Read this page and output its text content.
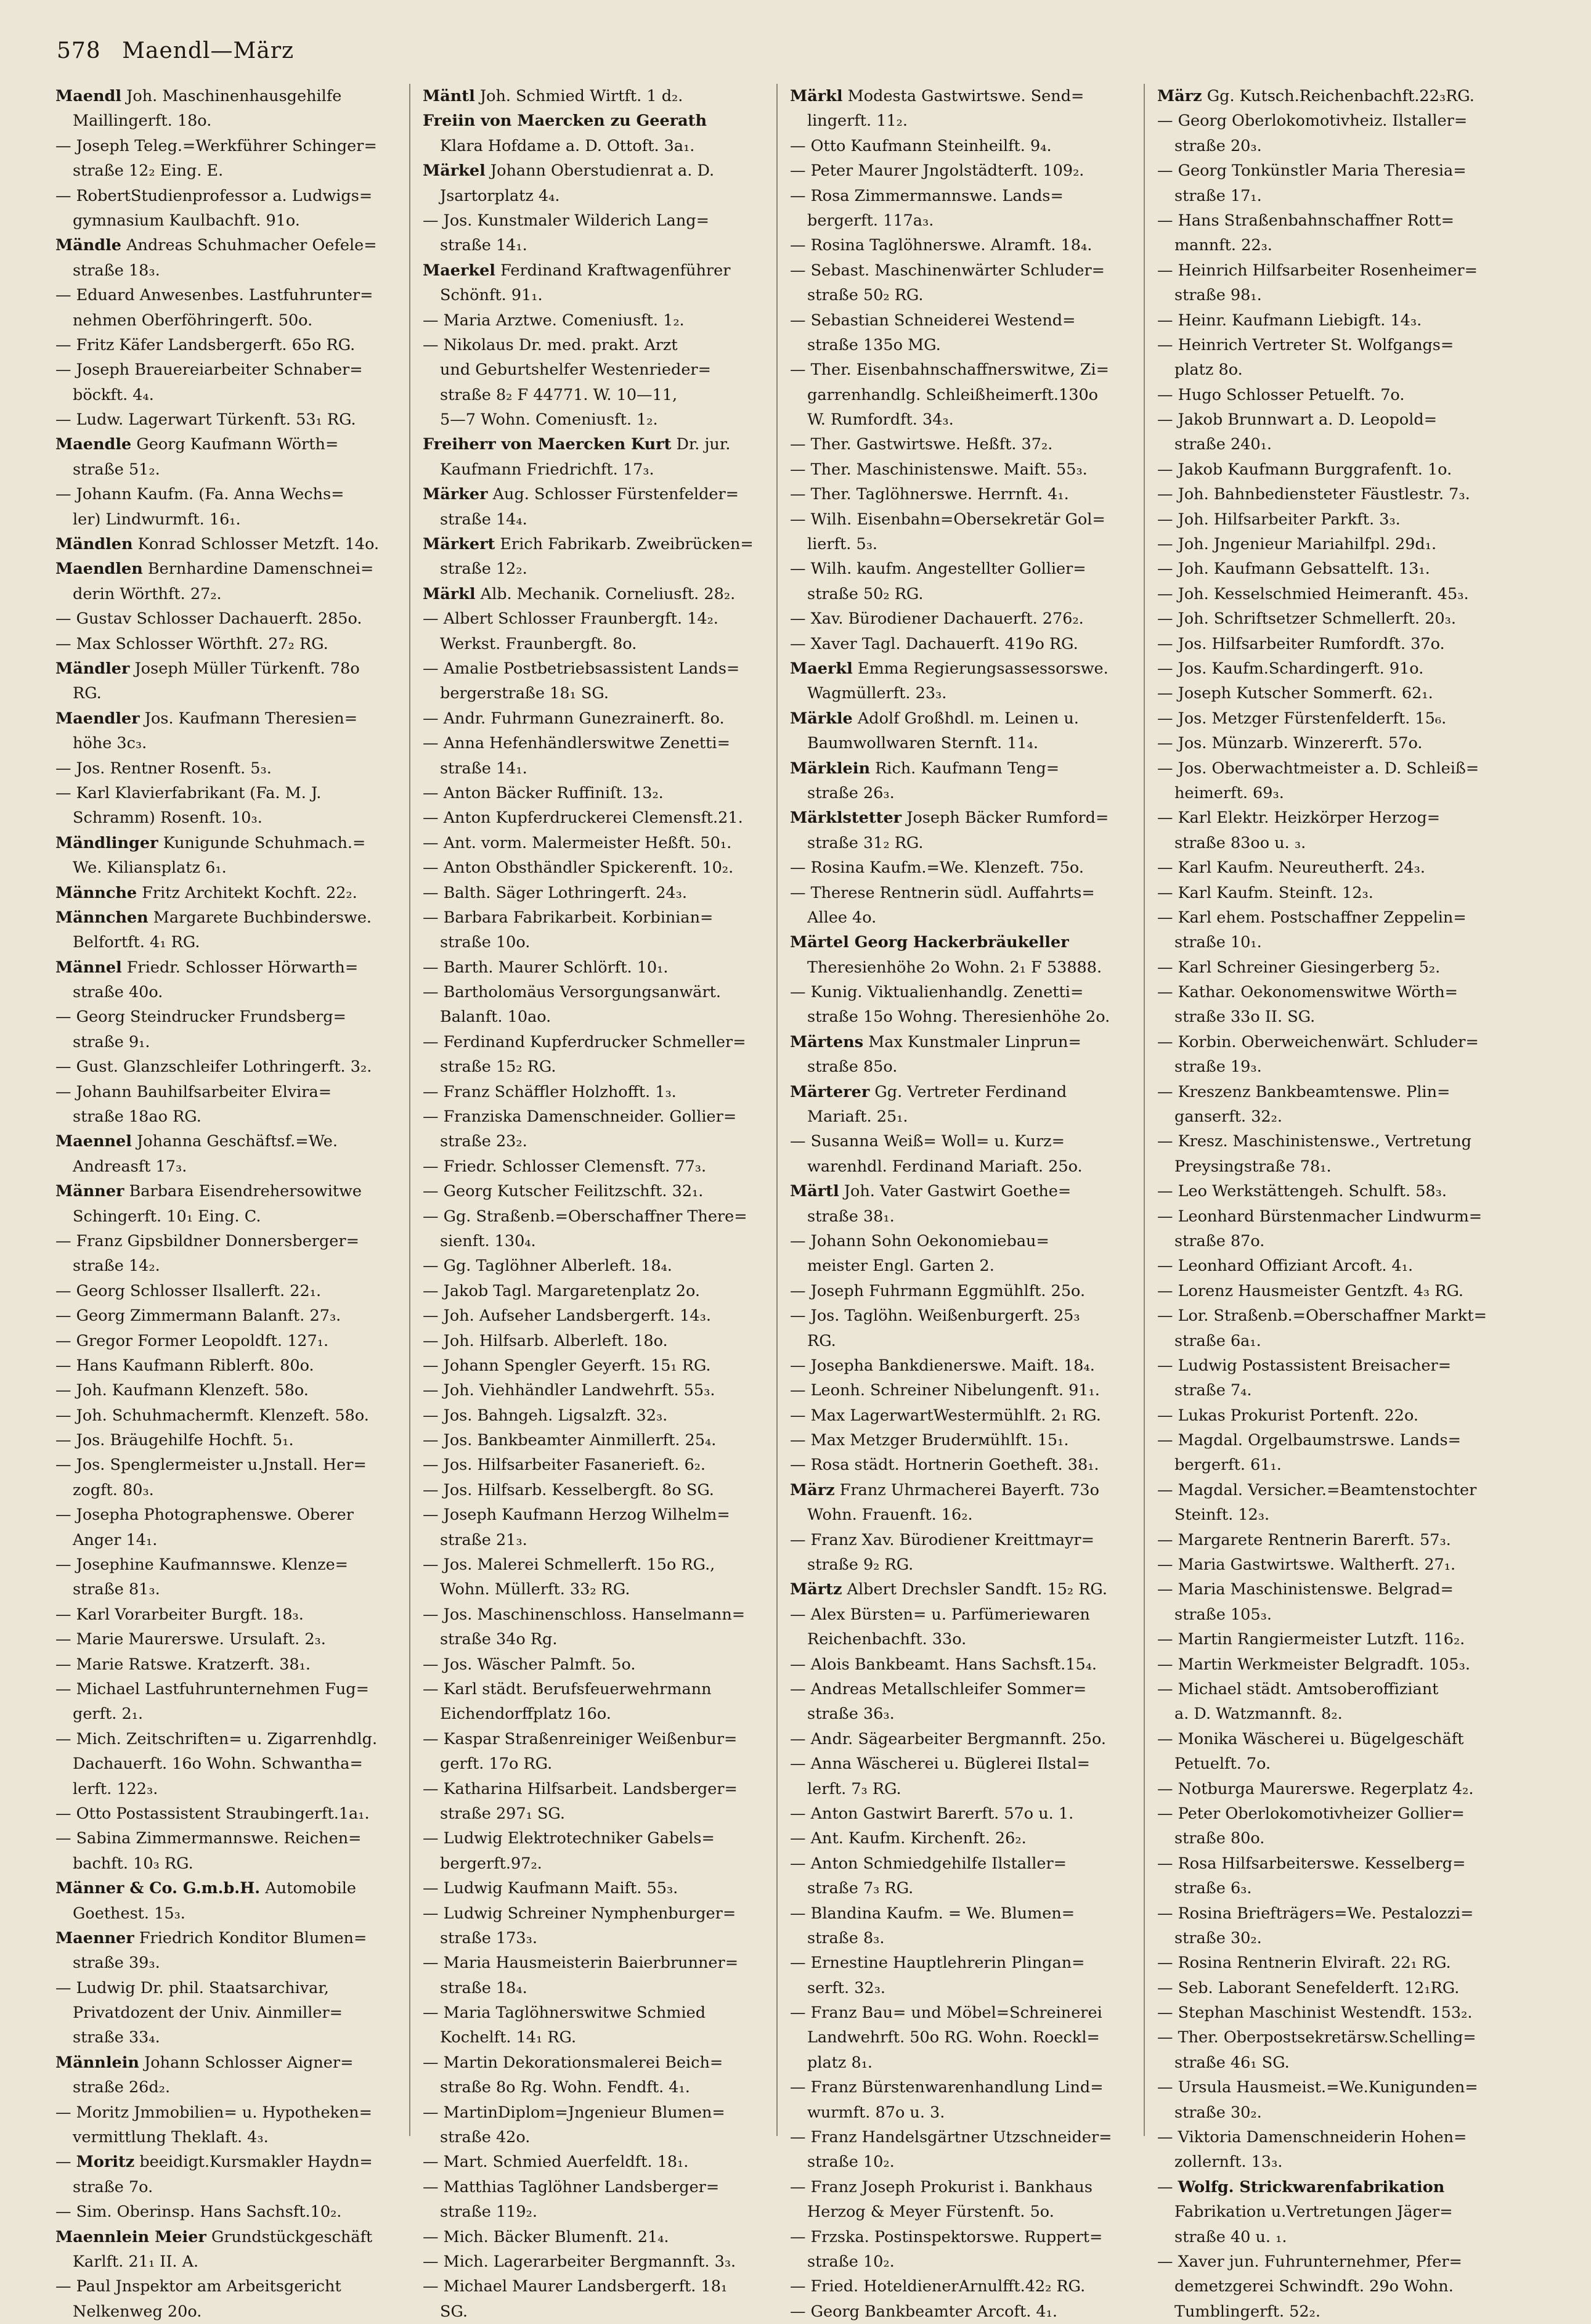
578 Maendl—März
Maendl Joh. Maschinenhausgehilfe
Maillingerft. 18o.
— Joseph Teleg.=Werkführer Schinger=
straße 12₂ Eing. E.
— RobertStudienprofessor a. Ludwigs=
gymnasium Kaulbachft. 91o.
Mändle Andreas Schuhmacher Oefele=
straße 18₃.
— Eduard Anwesenbes. Lastfuhrunter=
nehmen Oberföhringerft. 50o.
— Fritz Käfer Landsbergerft. 65o RG.
— Joseph Brauereiarbeiter Schnaber=
böckft. 4₄.
— Ludw. Lagerwart Türkenft. 53₁ RG.
Maendle Georg Kaufmann Wörth=
straße 51₂.
— Johann Kaufm. (Fa. Anna Wechs=
ler) Lindwurmft. 16₁.
Mändlen Konrad Schlosser Metzft. 14o.
Maendlen Bernhardine Damenschnei=
derin Wörthft. 27₂.
— Gustav Schlosser Dachauerft. 285o.
— Max Schlosser Wörthft. 27₂ RG.
Mändler Joseph Müller Türkenft. 78o
RG.
Maendler Jos. Kaufmann Theresien=
höhe 3c₃.
— Jos. Rentner Rosenft. 5₃.
— Karl Klavierfabrikant (Fa. M. J.
Schramm) Rosenft. 10₃.
Mändlinger Kunigunde Schuhmach.=
We. Kiliansplatz 6₁.
Männche Fritz Architekt Kochft. 22₂.
Männchen Margarete Buchbinderswe.
Belfortft. 4₁ RG.
Männel Friedr. Schlosser Hörwarth=
straße 40o.
— Georg Steindrucker Frundsberg=
straße 9₁.
— Gust. Glanzschleifer Lothringerft. 3₂.
— Johann Bauhilfsarbeiter Elvira=
straße 18ao RG.
Maennel Johanna Geschäftsf.=We.
Andreasft 17₃.
Männer Barbara Eisendrehersowitwe
Schingerft. 10₁ Eing. C.
— Franz Gipsbildner Donnersberger=
straße 14₂.
— Georg Schlosser Ilsallerft. 22₁.
— Georg Zimmermann Balanft. 27₃.
— Gregor Former Leopoldft. 127₁.
— Hans Kaufmann Riblerft. 80o.
— Joh. Kaufmann Klenzeft. 58o.
— Joh. Schuhmachermft. Klenzeft. 58o.
— Jos. Bräugehilfe Hochft. 5₁.
— Jos. Spenglermeister u.Jnstall. Her=
zogft. 80₃.
— Josepha Photographenswe. Oberer
Anger 14₁.
— Josephine Kaufmannswe. Klenze=
straße 81₃.
— Karl Vorarbeiter Burgft. 18₃.
— Marie Maurerswe. Ursulaft. 2₃.
— Marie Ratswe. Kratzerft. 38₁.
— Michael Lastfuhrunternehmen Fug=
gerft. 2₁.
— Mich. Zeitschriften= u. Zigarrenhdlg.
Dachauerft. 16o Wohn. Schwantha=
lerft. 122₃.
— Otto Postassistent Straubingerft.1a₁.
— Sabina Zimmermannswe. Reichen=
bachft. 10₃ RG.
Männer & Co. G.m.b.H. Automobile
Goethest. 15₃.
Maenner Friedrich Konditor Blumen=
straße 39₃.
— Ludwig Dr. phil. Staatsarchivar,
Privatdozent der Univ. Ainmiller=
straße 33₄.
Männlein Johann Schlosser Aigner=
straße 26d₂.
— Moritz Jmmobilien= u. Hypotheken=
vermittlung Theklaft. 4₃.
— Moritz beeidigt.Kursmakler Haydn=
straße 7o.
— Sim. Oberinsp. Hans Sachsft.10₂.
Maennlein Meier Grundstückgeschäft
Karlft. 21₁ II. A.
— Paul Jnspektor am Arbeitsgericht
Nelkenweg 20o.
Mäntl Joh. Schmied Wirtft. 1 d₂.
Freiin von Maercken zu Geerath
Klara Hofdame a. D. Ottoft. 3a₁.
Märkel Johann Oberstudienrat a. D.
Jsartorplatz 4₄.
— Jos. Kunstmaler Wilderich Lang=
straße 14₁.
Maerkel Ferdinand Kraftwagenführer
Schönft. 91₁.
— Maria Arztwe. Comeniusft. 1₂.
— Nikolaus Dr. med. prakt. Arzt
und Geburtshelfer Westenrieder=
straße 8₂ F 44771. W. 10—11,
5—7 Wohn. Comeniusft. 1₂.
Freiherr von Maercken Kurt Dr. jur.
Kaufmann Friedrichft. 17₃.
Märker Aug. Schlosser Fürstenfelder=
straße 14₄.
Märkert Erich Fabrikarb. Zweibrücken=
straße 12₂.
Märkl Alb. Mechanik. Corneliusft. 28₂.
— Albert Schlosser Fraunbergft. 14₂.
Werkst. Fraunbergft. 8o.
— Amalie Postbetriebsassistent Lands=
bergerstraße 18₁ SG.
— Andr. Fuhrmann Gunezrainerft. 8o.
— Anna Hefenhändlerswitwe Zenetti=
straße 14₁.
— Anton Bäcker Ruffiniſt. 13₂.
— Anton Kupferdruckerei Clemensft.21.
— Ant. vorm. Malermeister Heßft. 50₁.
— Anton Obsthändler Spickerenft. 10₂.
— Balth. Säger Lothringerft. 24₃.
— Barbara Fabrikarbeit. Korbinian=
straße 10o.
— Barth. Maurer Schlörft. 10₁.
— Bartholomäus Versorgungsanwärt.
Balanft. 10ao.
— Ferdinand Kupferdrucker Schmeller=
straße 15₂ RG.
— Franz Schäffler Holzhofft. 1₃.
— Franziska Damenschneider. Gollier=
straße 23₂.
— Friedr. Schlosser Clemensft. 77₃.
— Georg Kutscher Feilitzschft. 32₁.
— Gg. Straßenb.=Oberschaffner There=
sienft. 130₄.
— Gg. Taglöhner Alberleft. 18₄.
— Jakob Tagl. Margaretenplatz 2o.
— Joh. Aufseher Landsbergerft. 14₃.
— Joh. Hilfsarb. Alberleft. 18o.
— Johann Spengler Geyerft. 15₁ RG.
— Joh. Viehhändler Landwehrft. 55₃.
— Jos. Bahngeh. Ligsalzft. 32₃.
— Jos. Bankbeamter Ainmillerft. 25₄.
— Jos. Hilfsarbeiter Fasanerieft. 6₂.
— Jos. Hilfsarb. Kesselbergft. 8o SG.
— Joseph Kaufmann Herzog Wilhelm=
straße 21₃.
— Jos. Malerei Schmellerft. 15o RG.,
Wohn. Müllerft. 33₂ RG.
— Jos. Maschinenschloss. Hanselmann=
straße 34o Rg.
— Jos. Wäscher Palmft. 5o.
— Karl städt. Berufsfeuerwehrmann
Eichendorffplatz 16o.
— Kaspar Straßenreiniger Weißenbur=
gerft. 17o RG.
— Katharina Hilfsarbeit. Landsberger=
straße 297₁ SG.
— Ludwig Elektrotechniker Gabels=
bergerft.97₂.
— Ludwig Kaufmann Maift. 55₃.
— Ludwig Schreiner Nymphenburger=
straße 173₃.
— Maria Hausmeisterin Baierbrunner=
straße 18₄.
— Maria Taglöhnerswitwe Schmied
Kochelft. 14₁ RG.
— Martin Dekorationsmalerei Beich=
straße 8o Rg. Wohn. Fendft. 4₁.
— MartinDiplom=Jngenieur Blumen=
straße 42o.
— Mart. Schmied Auerfeldft. 18₁.
— Matthias Taglöhner Landsberger=
straße 119₂.
— Mich. Bäcker Blumenft. 21₄.
— Mich. Lagerarbeiter Bergmannft. 3₃.
— Michael Maurer Landsbergerft. 18₁
SG.
Märkl Modesta Gastwirtswe. Send=
lingerft. 11₂.
— Otto Kaufmann Steinheilft. 9₄.
— Peter Maurer Jngolstädterft. 109₂.
— Rosa Zimmermannswe. Lands=
bergerft. 117a₃.
— Rosina Taglöhnerswe. Alramft. 18₄.
— Sebast. Maschinenwärter Schluder=
straße 50₂ RG.
— Sebastian Schneiderei Westend=
straße 135o MG.
— Ther. Eisenbahnschaffnerswitwe, Zi=
garrenhandlg. Schleißheimerft.130o
W. Rumfordft. 34₃.
— Ther. Gastwirtswe. Heßft. 37₂.
— Ther. Maschinistenswe. Maift. 55₃.
— Ther. Taglöhnerswe. Herrnft. 4₁.
— Wilh. Eisenbahn=Obersekretär Gol=
lierft. 5₃.
— Wilh. kaufm. Angestellter Gollier=
straße 50₂ RG.
— Xav. Bürodiener Dachauerft. 276₂.
— Xaver Tagl. Dachauerft. 419o RG.
Maerkl Emma Regierungsassessorswe.
Wagmüllerft. 23₃.
Märkle Adolf Großhdl. m. Leinen u.
Baumwollwaren Sternft. 11₄.
Märklein Rich. Kaufmann Teng=
straße 26₃.
Märklstetter Joseph Bäcker Rumford=
straße 31₂ RG.
— Rosina Kaufm.=We. Klenzeft. 75o.
— Therese Rentnerin südl. Auffahrts=
Allee 4o.
Märtel Georg Hackerbräukeller
Theresienhöhe 2o Wohn. 2₁ F 53888.
— Kunig. Viktualienhandlg. Zenetti=
straße 15o Wohng. Theresienhöhe 2o.
Märtens Max Kunstmaler Linprun=
straße 85o.
Märterer Gg. Vertreter Ferdinand
Mariaft. 25₁.
— Susanna Weiß= Woll= u. Kurz=
warenhdl. Ferdinand Mariaft. 25o.
Märtl Joh. Vater Gastwirt Goethe=
straße 38₁.
— Johann Sohn Oekonomiebau=
meister Engl. Garten 2.
— Joseph Fuhrmann Eggmühlft. 25o.
— Jos. Taglöhn. Weißenburgerft. 25₃
RG.
— Josepha Bankdienerswe. Maift. 18₄.
— Leonh. Schreiner Nibelungenft. 91₁.
— Max LagerwartWestermühlft. 2₁ RG.
— Max Metzger Bruderмühlft. 15₁.
— Rosa städt. Hortnerin Goetheft. 38₁.
März Franz Uhrmacherei Bayerft. 73o
Wohn. Frauenft. 16₂.
— Franz Xav. Bürodiener Kreittmayr=
straße 9₂ RG.
Märtz Albert Drechsler Sandft. 15₂ RG.
— Alex Bürsten= u. Parfümeriewaren
Reichenbachft. 33o.
— Alois Bankbeamt. Hans Sachsft.15₄.
— Andreas Metallschleifer Sommer=
straße 36₃.
— Andr. Sägearbeiter Bergmannft. 25o.
— Anna Wäscherei u. Büglerei Ilstal=
lerft. 7₃ RG.
— Anton Gastwirt Barerft. 57o u. 1.
— Ant. Kaufm. Kirchenft. 26₂.
— Anton Schmiedgehilfe Ilstaller=
straße 7₃ RG.
— Blandina Kaufm. = We. Blumen=
straße 8₃.
— Ernestine Hauptlehrerin Plingan=
serft. 32₃.
— Franz Bau= und Möbel=Schreinerei
Landwehrft. 50o RG. Wohn. Roeckl=
platz 8₁.
— Franz Bürstenwarenhandlung Lind=
wurmft. 87o u. 3.
— Franz Handelsgärtner Utzschneider=
straße 10₂.
— Franz Joseph Prokurist i. Bankhaus
Herzog & Meyer Fürstenft. 5o.
— Frzska. Postinspektorswe. Ruppert=
straße 10₂.
— Fried. HoteldienerArnulfft.42₂ RG.
— Georg Bankbeamter Arcoft. 4₁.
März Gg. Kutsch.Reichenbachft.22₃RG.
— Georg Oberlokomotivheiz. Ilstaller=
straße 20₃.
— Georg Tonkünstler Maria Theresia=
straße 17₁.
— Hans Straßenbahnschaffner Rott=
mannft. 22₃.
— Heinrich Hilfsarbeiter Rosenheimer=
straße 98₁.
— Heinr. Kaufmann Liebigft. 14₃.
— Heinrich Vertreter St. Wolfgangs=
platz 8o.
— Hugo Schlosser Petuelft. 7o.
— Jakob Brunnwart a. D. Leopold=
straße 240₁.
— Jakob Kaufmann Burggrafenft. 1o.
— Joh. Bahnbediensteter Fäustlestr. 7₃.
— Joh. Hilfsarbeiter Parkft. 3₃.
— Joh. Jngenieur Mariahilfpl. 29d₁.
— Joh. Kaufmann Gebsattelft. 13₁.
— Joh. Kesselschmied Heimeranft. 45₃.
— Joh. Schriftsetzer Schmellerft. 20₃.
— Jos. Hilfsarbeiter Rumfordft. 37o.
— Jos. Kaufm.Schardingerft. 91o.
— Joseph Kutscher Sommerft. 62₁.
— Jos. Metzger Fürstenfelderft. 15₆.
— Jos. Münzarb. Winzererft. 57o.
— Jos. Oberwachtmeister a. D. Schleiß=
heimerft. 69₃.
— Karl Elektr. Heizkörper Herzog=
straße 83oo u. ₃.
— Karl Kaufm. Neureutherft. 24₃.
— Karl Kaufm. Steinft. 12₃.
— Karl ehem. Postschaffner Zeppelin=
straße 10₁.
— Karl Schreiner Giesingerberg 5₂.
— Kathar. Oekonomenswitwe Wörth=
straße 33o II. SG.
— Korbin. Oberweichenwärt. Schluder=
straße 19₃.
— Kreszenz Bankbeamtenswe. Plin=
ganserft. 32₂.
— Kresz. Maschinistenswe., Vertretung
Preysingstraße 78₁.
— Leo Werkstättengeh. Schulft. 58₃.
— Leonhard Bürstenmacher Lindwurm=
straße 87o.
— Leonhard Offiziant Arcoft. 4₁.
— Lorenz Hausmeister Gentzft. 4₃ RG.
— Lor. Straßenb.=Oberschaffner Markt=
straße 6a₁.
— Ludwig Postassistent Breisacher=
straße 7₄.
— Lukas Prokurist Portenft. 22o.
— Magdal. Orgelbaumstrswe. Lands=
bergerft. 61₁.
— Magdal. Versicher.=Beamtenstochter
Steinft. 12₃.
— Margarete Rentnerin Barerft. 57₃.
— Maria Gastwirtswe. Waltherft. 27₁.
— Maria Maschinistenswe. Belgrad=
straße 105₃.
— Martin Rangiermeister Lutzft. 116₂.
— Martin Werkmeister Belgradft. 105₃.
— Michael städt. Amtsoberoffiziant
a. D. Watzmannft. 8₂.
— Monika Wäscherei u. Bügelgeschäft
Petuelft. 7o.
— Notburga Maurerswe. Regerplatz 4₂.
— Peter Oberlokomotivheizer Gollier=
straße 80o.
— Rosa Hilfsarbeiterswe. Kesselberg=
straße 6₃.
— Rosina Briefträgers=We. Pestalozzi=
straße 30₂.
— Rosina Rentnerin Elviraft. 22₁ RG.
— Seb. Laborant Senefelderft. 12₁RG.
— Stephan Maschinist Westendft. 153₂.
— Ther. Oberpostsekretärsw.Schelling=
straße 46₁ SG.
— Ursula Hausmeist.=We.Kunigunden=
straße 30₂.
— Viktoria Damenschneiderin Hohen=
zollernft. 13₃.
— Wolfg. Strickwarenfabrikation
Fabrikation u.Vertretungen Jäger=
straße 40 u. ₁.
— Xaver jun. Fuhrunternehmer, Pfer=
demetzgerei Schwindft. 29o Wohn.
Tumblingerft. 52₂.
